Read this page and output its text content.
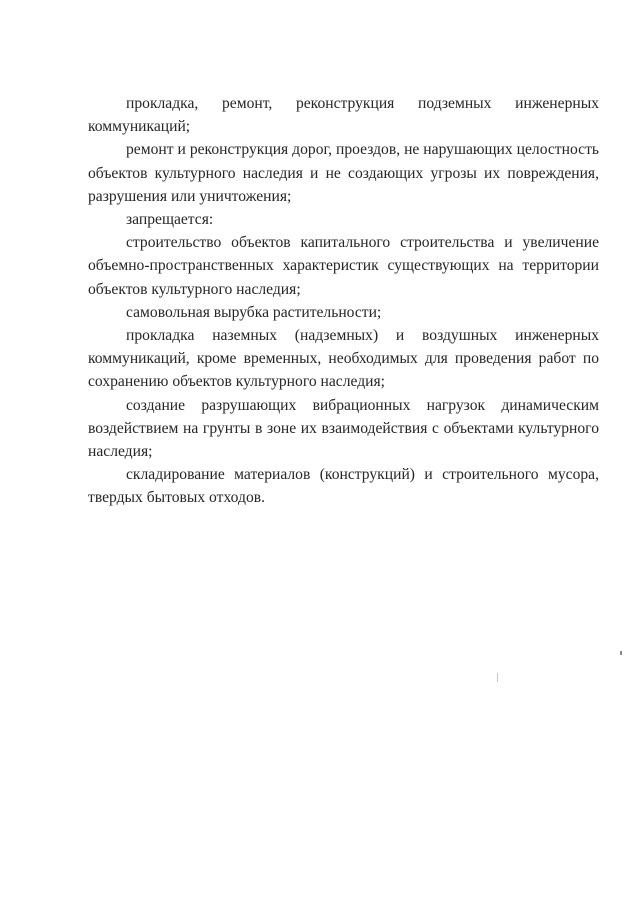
прокладка, ремонт, реконструкция подземных инженерных коммуникаций;

ремонт и реконструкция дорог, проездов, не нарушающих целостность объектов культурного наследия и не создающих угрозы их повреждения, разрушения или уничтожения;

запрещается:

строительство объектов капитального строительства и увеличение объемно-пространственных характеристик существующих на территории объектов культурного наследия;

самовольная вырубка растительности;

прокладка наземных (надземных) и воздушных инженерных коммуникаций, кроме временных, необходимых для проведения работ по сохранению объектов культурного наследия;

создание разрушающих вибрационных нагрузок динамическим воздействием на грунты в зоне их взаимодействия с объектами культурного наследия;

складирование материалов (конструкций) и строительного мусора, твердых бытовых отходов.
